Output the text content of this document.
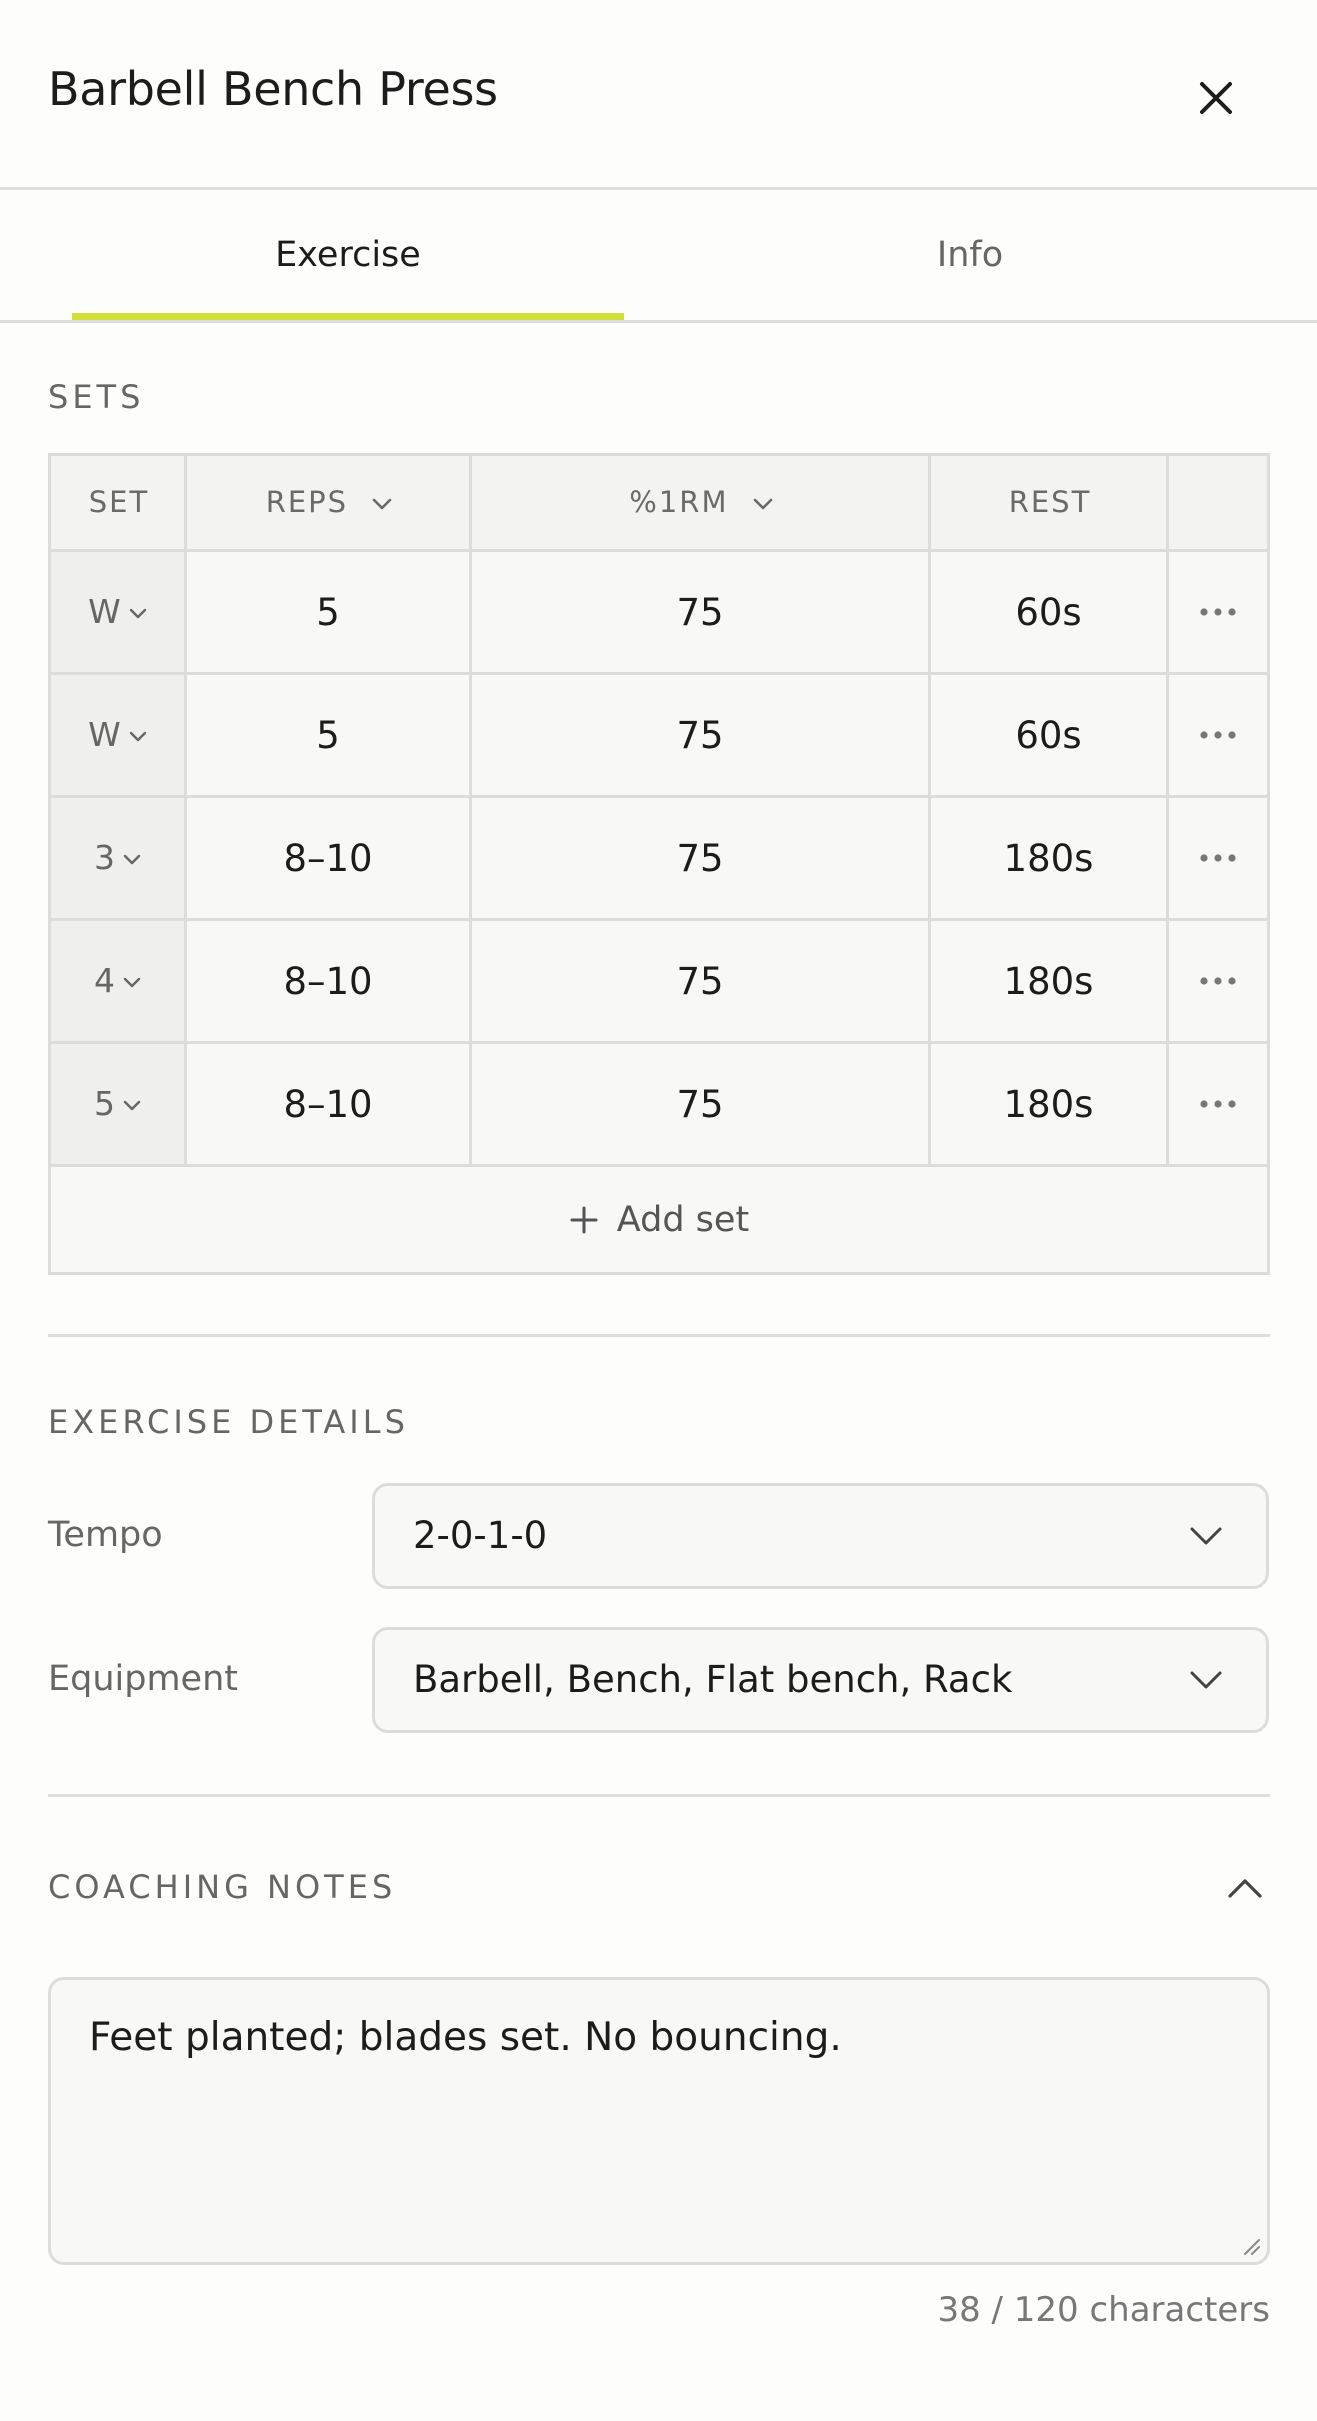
Barbell Bench Press
Exercise	Info
SETS
SET	REPS	%1RM	REST
W	5	75	60s
W	5	75	60s
3	8–10	75	180s
4	8–10	75	180s
5	8–10	75	180s
Add set
EXERCISE DETAILS
Tempo	2-0-1-0
Equipment	Barbell, Bench, Flat bench, Rack
COACHING NOTES
Feet planted; blades set. No bouncing.
38 / 120 characters
